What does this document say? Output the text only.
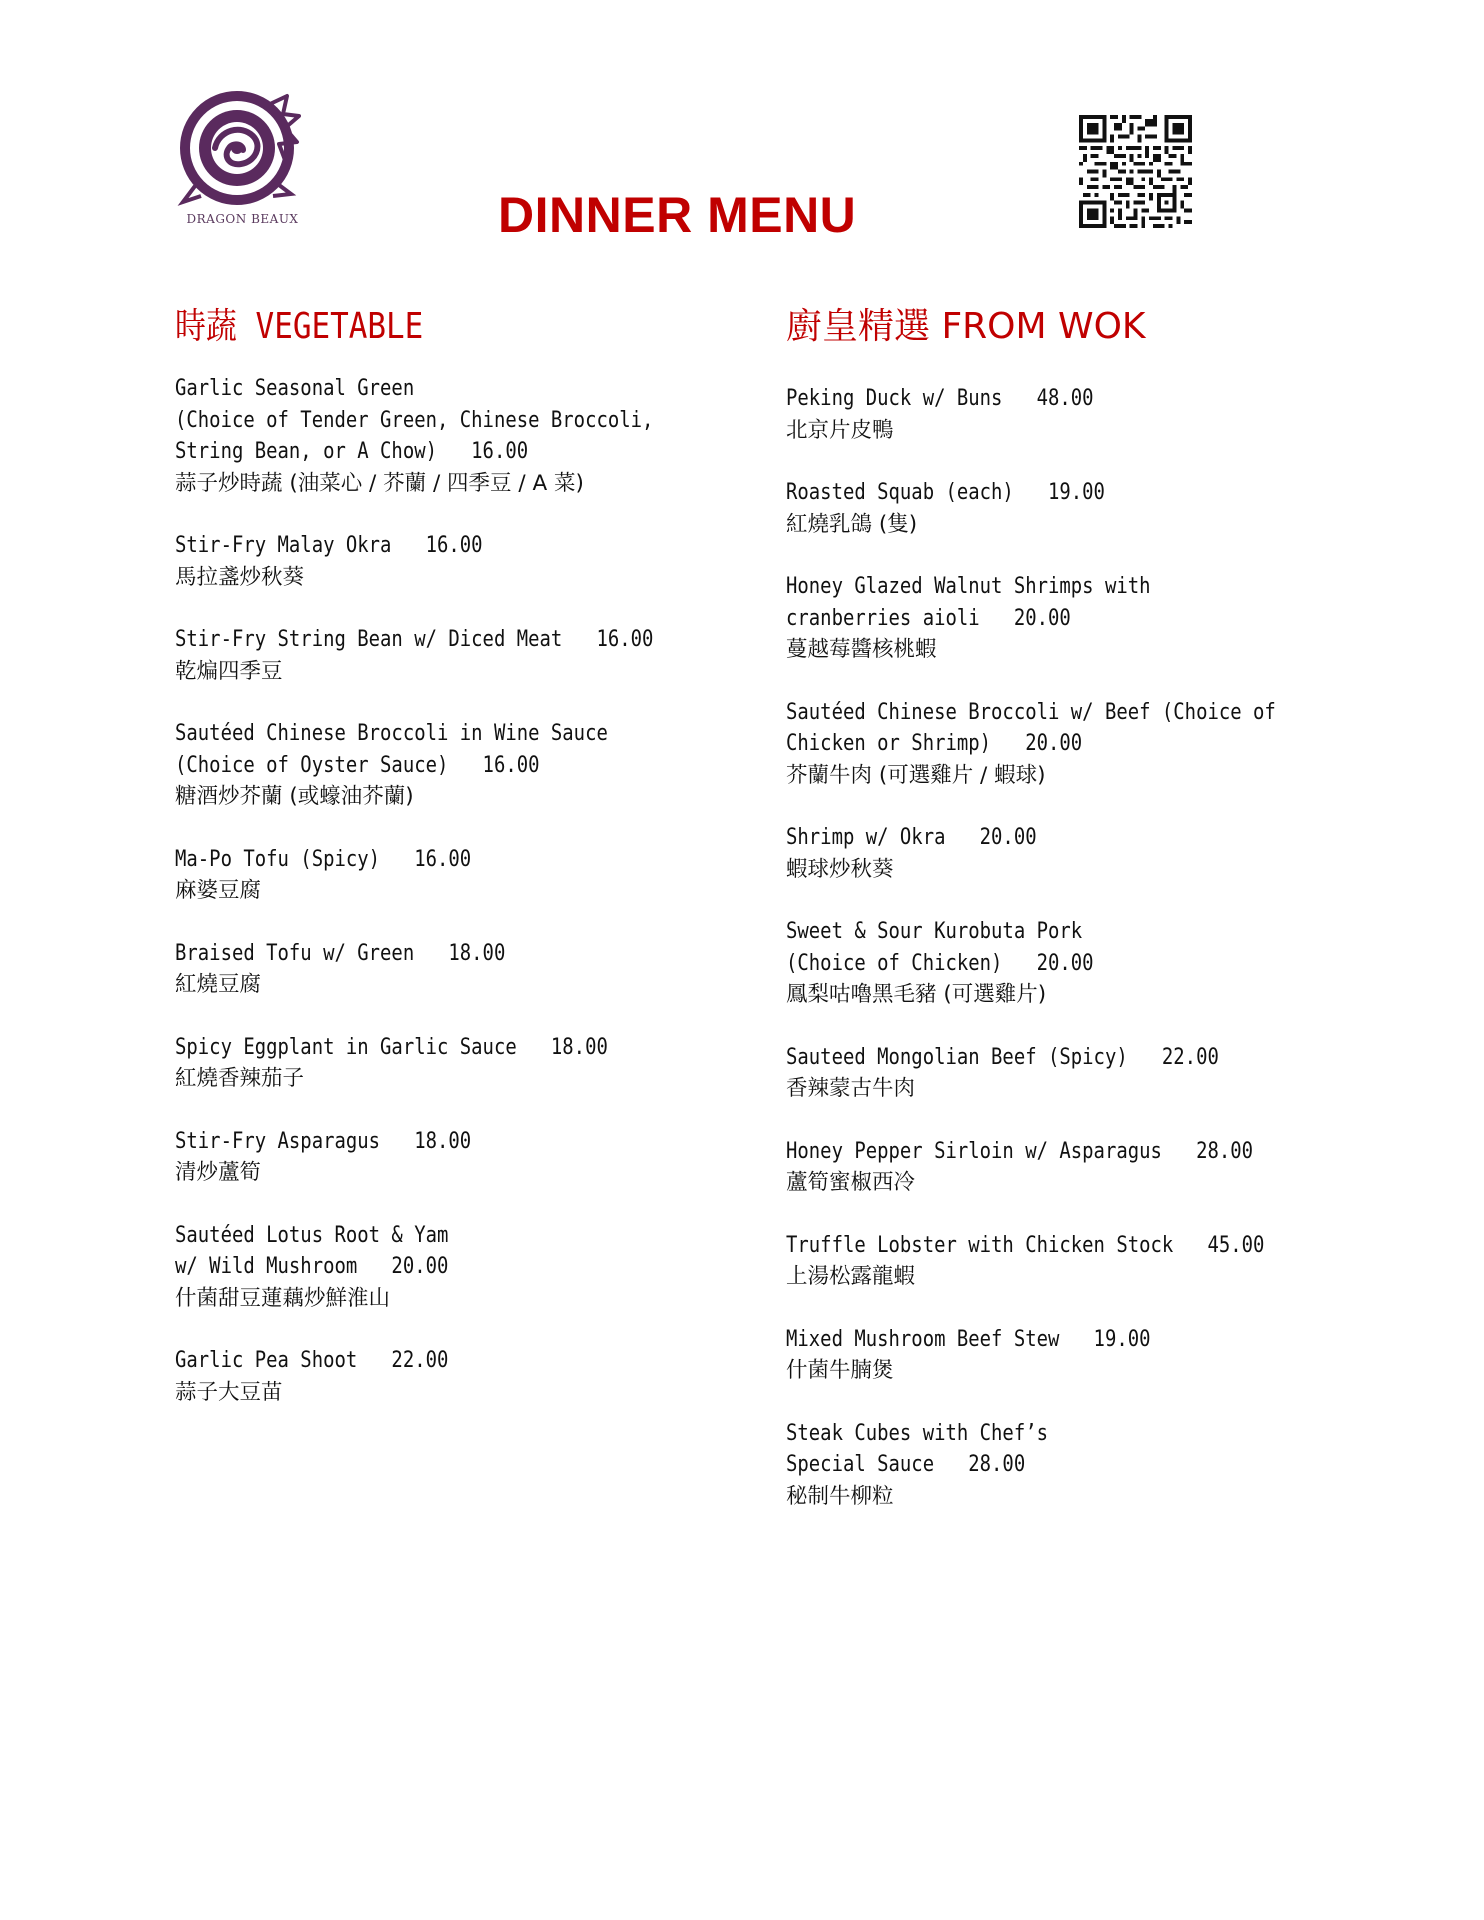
DRAGON BEAUX	DINNER MENU
時蔬 VEGETABLE
Garlic Seasonal Green
(Choice of Tender Green, Chinese Broccoli,
String Bean, or A Chow)   16.00
蒜子炒時蔬 (油菜心 / 芥蘭 / 四季豆 / A 菜)
Stir-Fry Malay Okra   16.00
馬拉盞炒秋葵
Stir-Fry String Bean w/ Diced Meat   16.00
乾煸四季豆
Sautéed Chinese Broccoli in Wine Sauce
(Choice of Oyster Sauce)   16.00
糖酒炒芥蘭 (或蠔油芥蘭)
Ma-Po Tofu (Spicy)   16.00
麻婆豆腐
Braised Tofu w/ Green   18.00
紅燒豆腐
Spicy Eggplant in Garlic Sauce   18.00
紅燒香辣茄子
Stir-Fry Asparagus   18.00
清炒蘆筍
Sautéed Lotus Root & Yam
w/ Wild Mushroom   20.00
什菌甜豆蓮藕炒鮮淮山
Garlic Pea Shoot   22.00
蒜子大豆苗
廚皇精選 FROM WOK
Peking Duck w/ Buns   48.00
北京片皮鴨
Roasted Squab (each)   19.00
紅燒乳鴿 (隻)
Honey Glazed Walnut Shrimps with
cranberries aioli   20.00
蔓越莓醬核桃蝦
Sautéed Chinese Broccoli w/ Beef (Choice of
Chicken or Shrimp)   20.00
芥蘭牛肉 (可選雞片 / 蝦球)
Shrimp w/ Okra   20.00
蝦球炒秋葵
Sweet & Sour Kurobuta Pork
(Choice of Chicken)   20.00
鳳梨咕嚕黑毛豬 (可選雞片)
Sauteed Mongolian Beef (Spicy)   22.00
香辣蒙古牛肉
Honey Pepper Sirloin w/ Asparagus   28.00
蘆筍蜜椒西冷
Truffle Lobster with Chicken Stock   45.00
上湯松露龍蝦
Mixed Mushroom Beef Stew   19.00
什菌牛腩煲
Steak Cubes with Chef’s
Special Sauce   28.00
秘制牛柳粒
